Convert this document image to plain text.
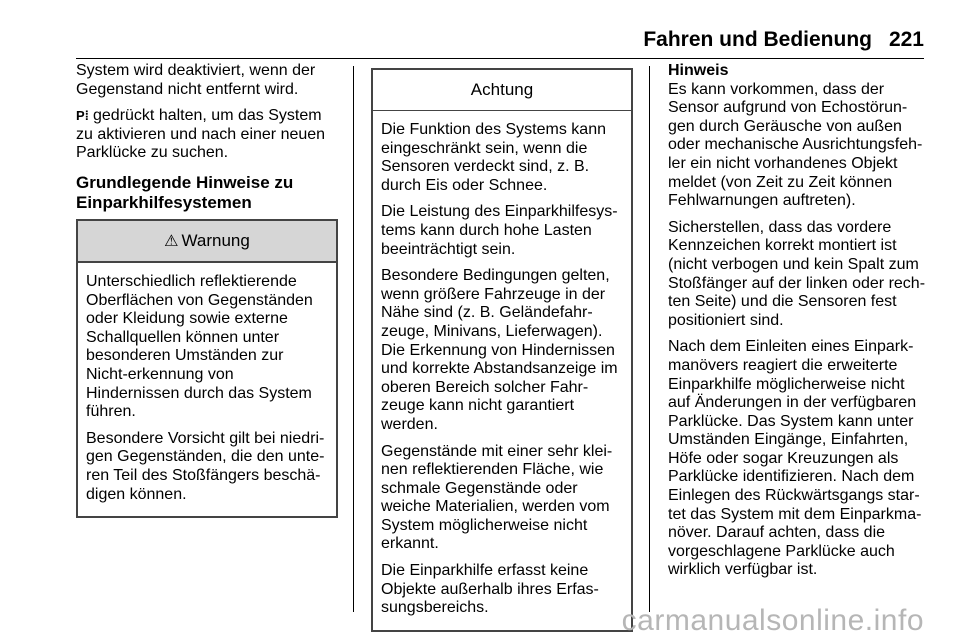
Fahren und Bedienung 221

System wird deaktiviert, wenn der Gegenstand nicht entfernt wird.

P⁞ gedrückt halten, um das System zu aktivieren und nach einer neuen Parklücke zu suchen.

Grundlegende Hinweise zu Einparkhilfesystemen
⚠ Warnung

Unterschiedlich reflektierende Oberflächen von Gegenständen oder Kleidung sowie externe Schallquellen können unter besonderen Umständen zur Nicht-erkennung von Hindernissen durch das System führen.

Besondere Vorsicht gilt bei niedri-gen Gegenständen, die den unte-ren Teil des Stoßfängers beschä-digen können.

Achtung

Die Funktion des Systems kann eingeschränkt sein, wenn die Sensoren verdeckt sind, z. B. durch Eis oder Schnee.

Die Leistung des Einparkhilfesys-tems kann durch hohe Lasten beeinträchtigt sein.

Besondere Bedingungen gelten, wenn größere Fahrzeuge in der Nähe sind (z. B. Geländefahr-zeuge, Minivans, Lieferwagen). Die Erkennung von Hindernissen und korrekte Abstandsanzeige im oberen Bereich solcher Fahr-zeuge kann nicht garantiert werden.

Gegenstände mit einer sehr klei-nen reflektierenden Fläche, wie schmale Gegenstände oder weiche Materialien, werden vom System möglicherweise nicht erkannt.

Die Einparkhilfe erfasst keine Objekte außerhalb ihres Erfas-sungsbereichs.

Hinweis

Es kann vorkommen, dass der Sensor aufgrund von Echostörun-gen durch Geräusche von außen oder mechanische Ausrichtungsfeh-ler ein nicht vorhandenes Objekt meldet (von Zeit zu Zeit können Fehlwarnungen auftreten).

Sicherstellen, dass das vordere Kennzeichen korrekt montiert ist (nicht verbogen und kein Spalt zum Stoßfänger auf der linken oder rech-ten Seite) und die Sensoren fest positioniert sind.

Nach dem Einleiten eines Einpark-manövers reagiert die erweiterte Einparkhilfe möglicherweise nicht auf Änderungen in der verfügbaren Parklücke. Das System kann unter Umständen Eingänge, Einfahrten, Höfe oder sogar Kreuzungen als Parklücke identifizieren. Nach dem Einlegen des Rückwärtsgangs star-tet das System mit dem Einparkma-növer. Darauf achten, dass die vorgeschlagene Parklücke auch wirklich verfügbar ist.

carmanualsonline.info
